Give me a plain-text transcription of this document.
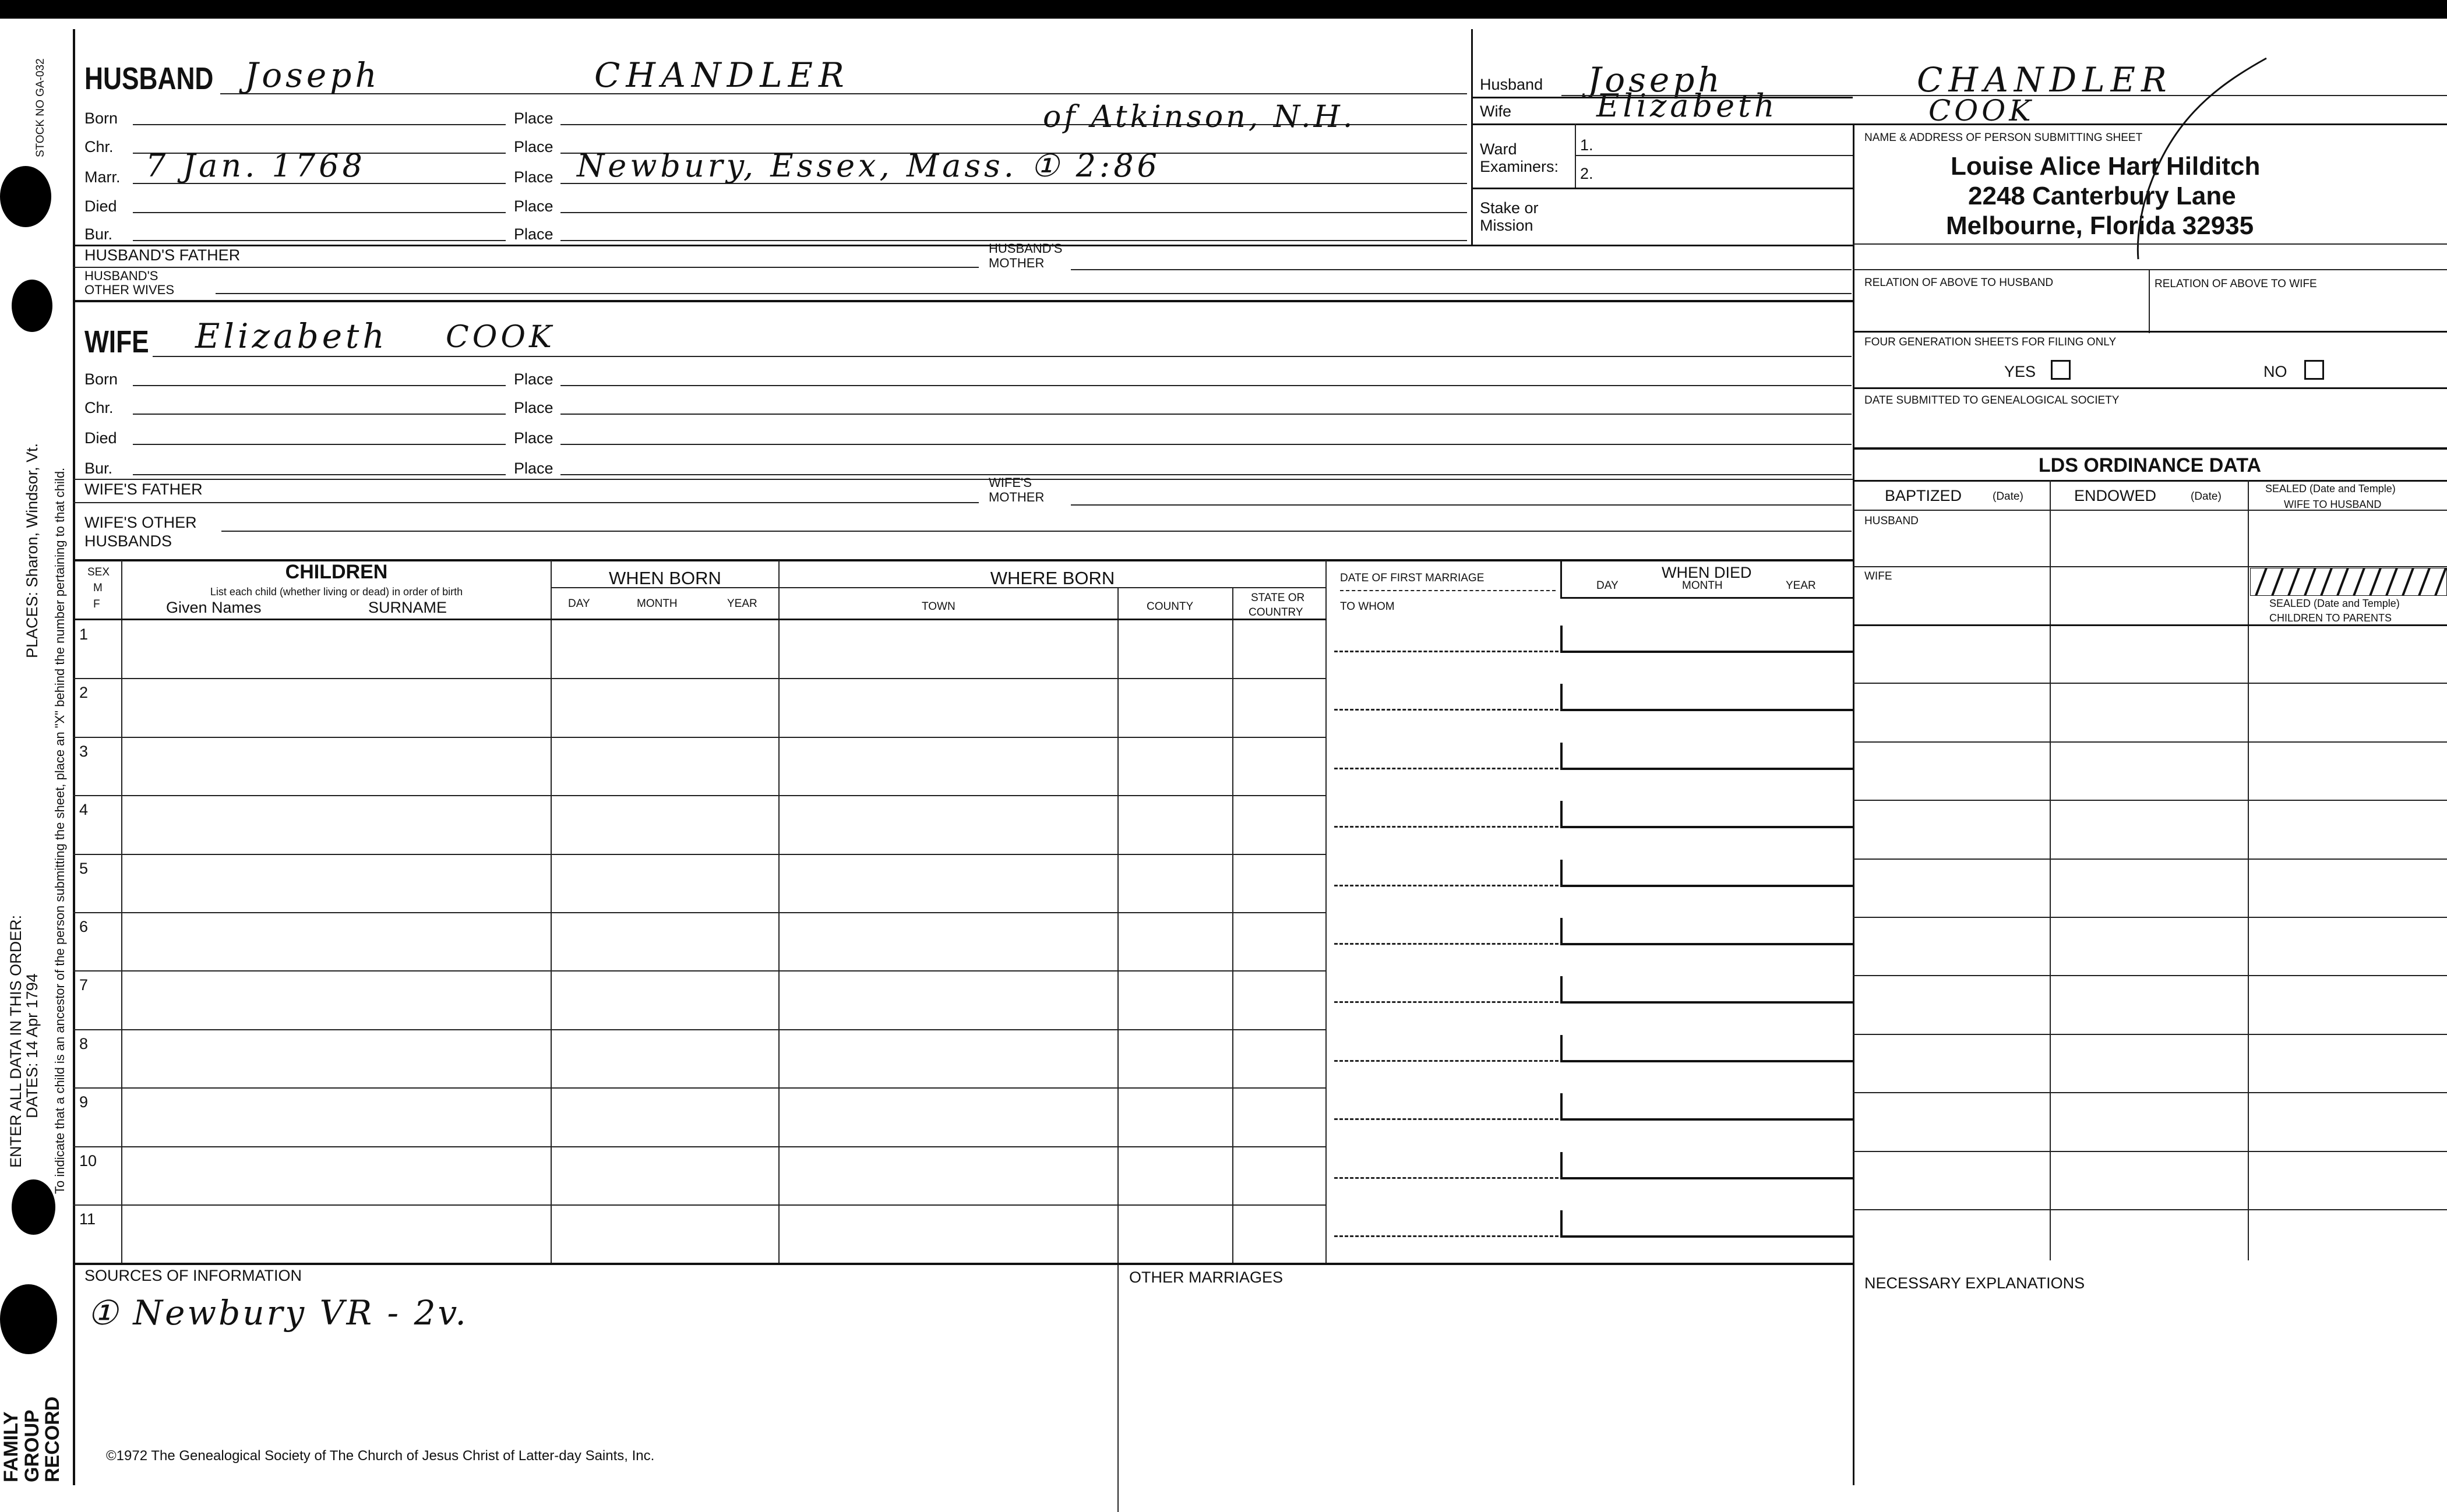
STOCK NO GA-032
PLACES: Sharon, Windsor, Vt.
ENTER ALL DATA IN THIS ORDER:
DATES: 14 Apr 1794 To indicate that a child is an ancestor of the person submitting the sheet, place an "X" behind the number pertaining to that child.
FAMILY
GROUP
RECORD
HUSBAND Joseph	CHANDLER
Born	Place
Chr.	Place
of Atkinson, N.H.
Marr. 7 Jan. 1768	Place Newbury, Essex, Mass. ① 2:86
Died	Place
Bur.	Place
HUSBAND'S FATHER	HUSBAND'S
MOTHER
HUSBAND'S
OTHER WIVES
Husband Joseph	CHANDLER
Wife	Elizabeth	COOK
Ward
Examiners:
1.
2.
Stake or
Mission
NAME & ADDRESS OF PERSON SUBMITTING SHEET
Louise Alice Hart Hilditch
2248 Canterbury Lane
Melbourne, Florida 32935
RELATION OF ABOVE TO HUSBAND	RELATION OF ABOVE TO WIFE
FOUR GENERATION SHEETS FOR FILING ONLY
YES	NO
DATE SUBMITTED TO GENEALOGICAL SOCIETY
LDS ORDINANCE DATA
BAPTIZED	(Date)	ENDOWED	(Date)
SEALED (Date and Temple)
WIFE TO HUSBAND
HUSBAND
WIFE
SEALED (Date and Temple)
CHILDREN TO PARENTS
WIFE Elizabeth COOK
Born	Place
Chr.	Place
Died	Place
Bur.	Place
WIFE'S FATHER	WIFE'S
MOTHER
WIFE'S OTHER
HUSBANDS
SEX
M
F
CHILDREN
List each child (whether living or dead) in order of birth
Given Names	SURNAME
WHEN BORN
DAY	MONTH	YEAR
WHERE BORN
TOWN	COUNTY
STATE OR
COUNTRY
DATE OF FIRST MARRIAGE
TO WHOM
WHEN DIED
DAY	MONTH	YEAR
1
2
3
4
5
6
7
8
9
10
11
SOURCES OF INFORMATION
① Newbury VR - 2v.
OTHER MARRIAGES	NECESSARY EXPLANATIONS
©1972 The Genealogical Society of The Church of Jesus Christ of Latter-day Saints, Inc.
